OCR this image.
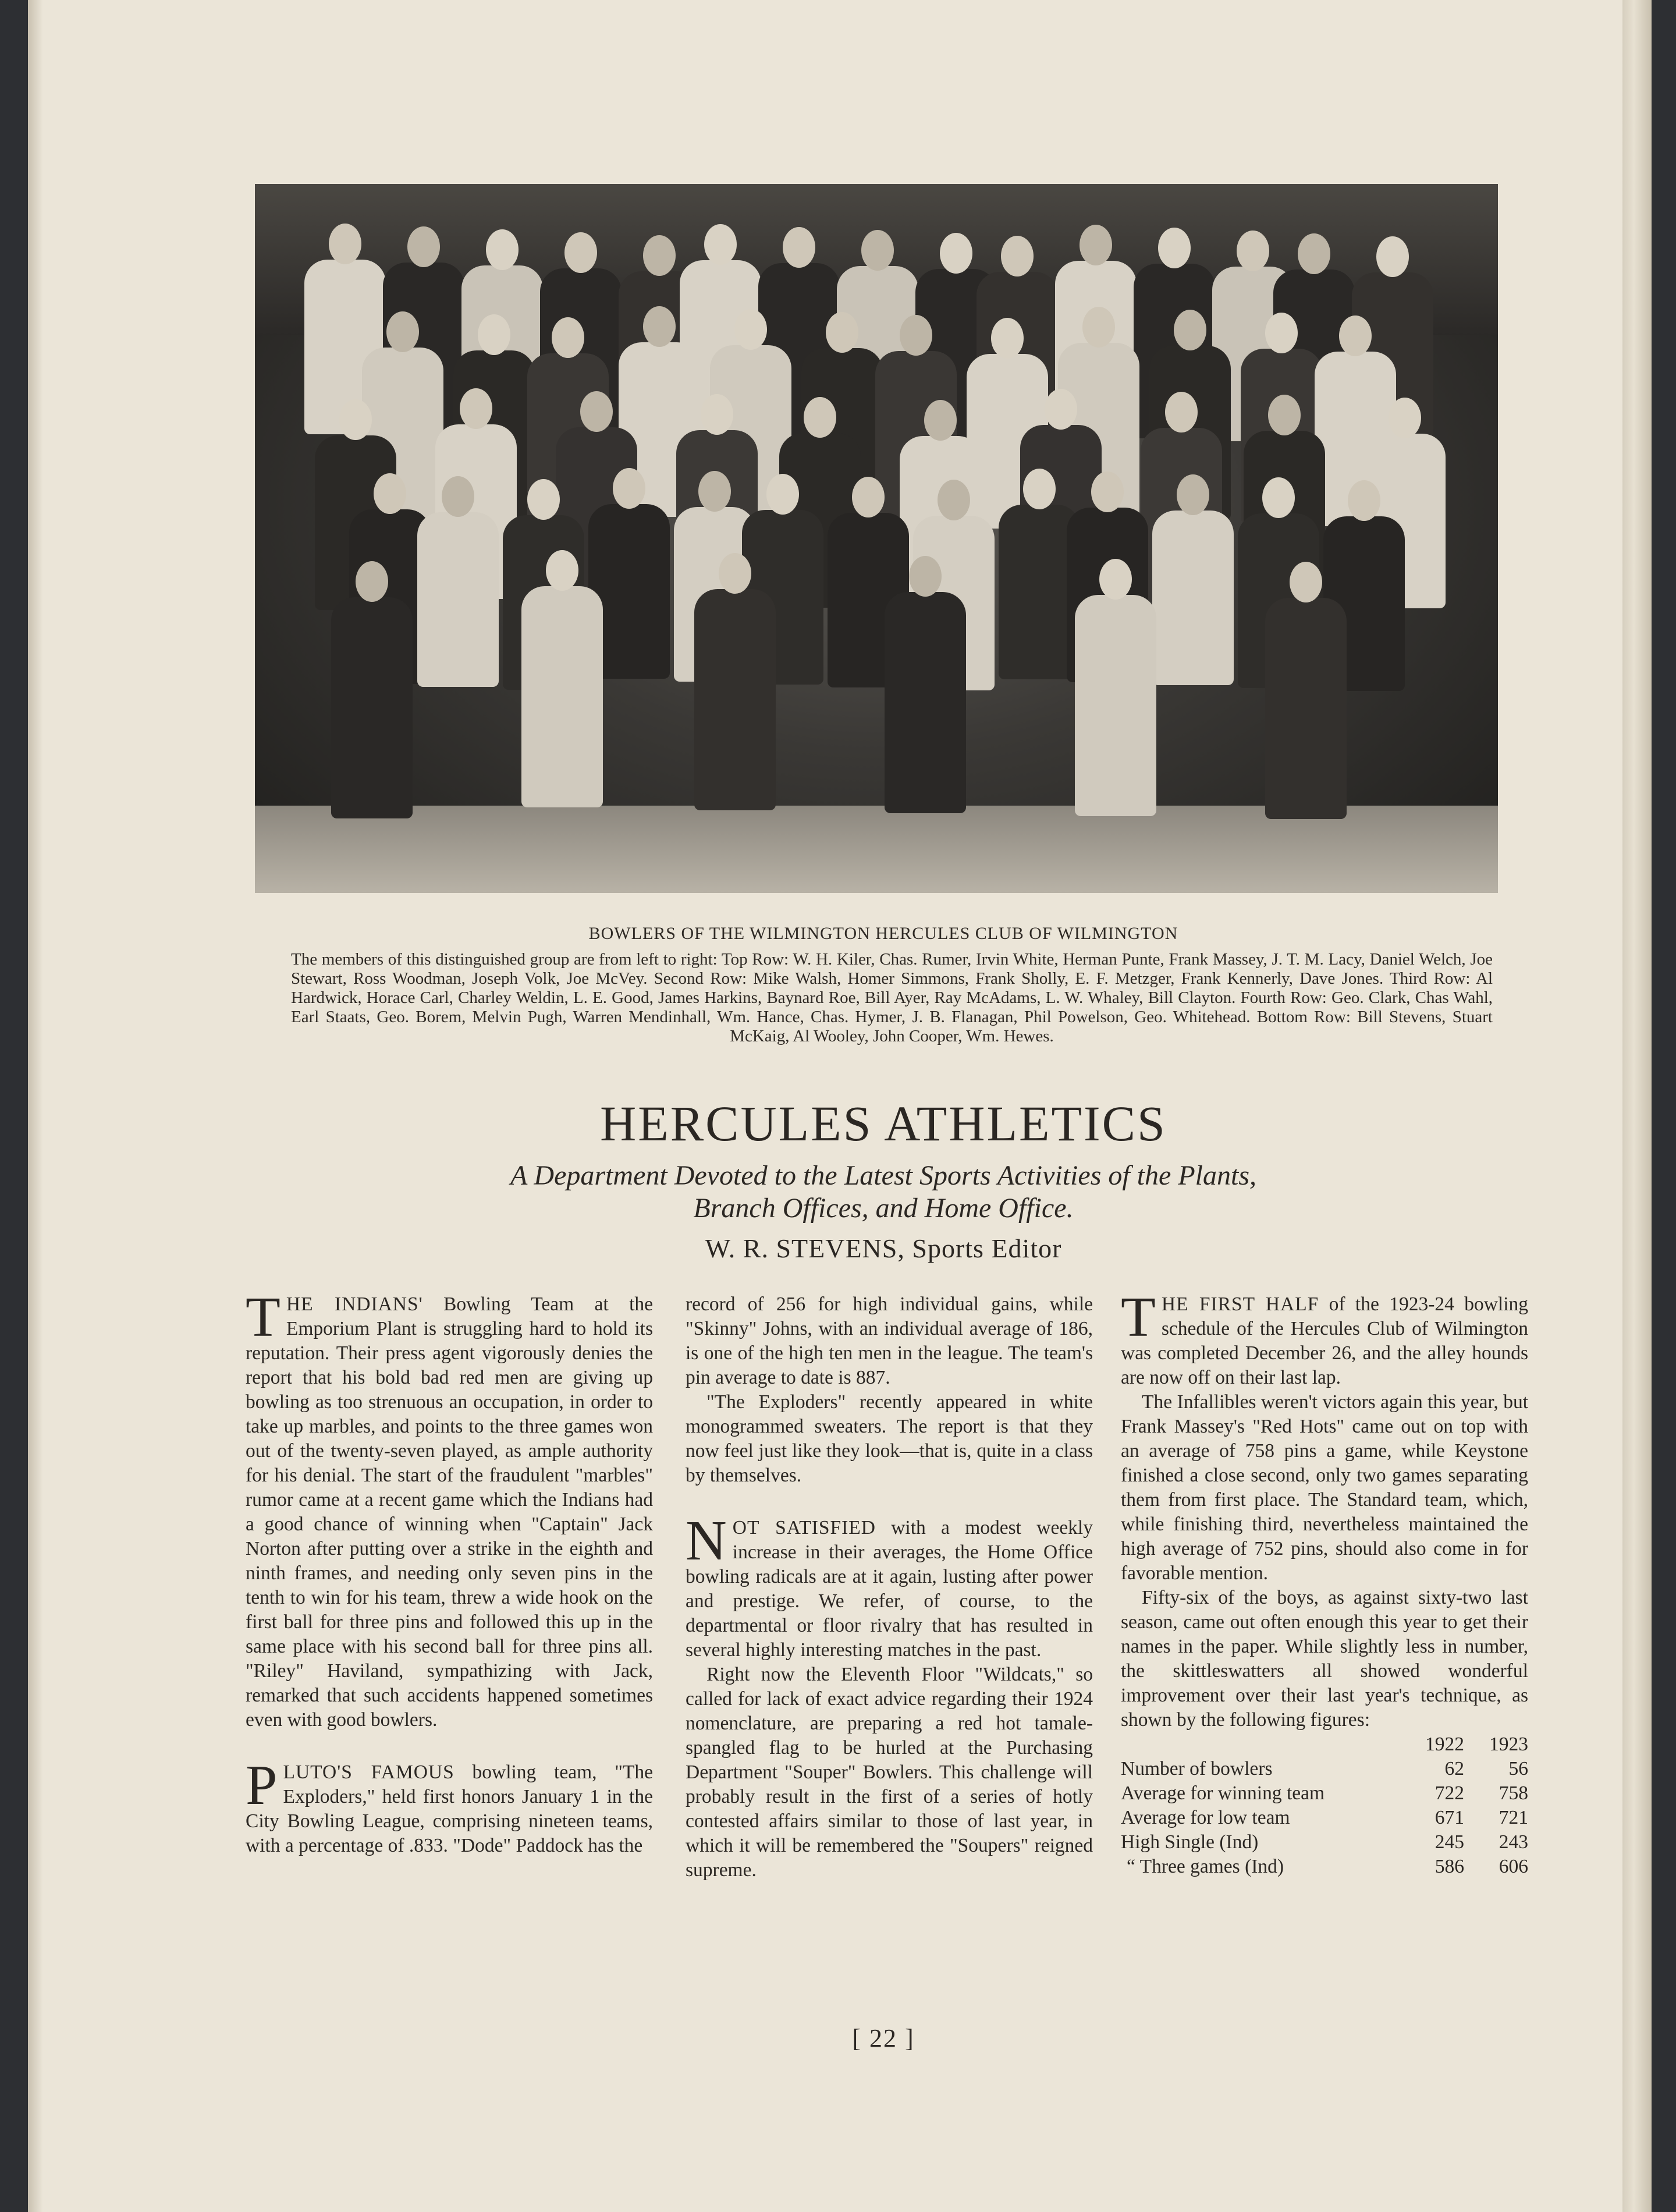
BOWLERS OF THE WILMINGTON HERCULES CLUB OF WILMINGTON
The members of this distinguished group are from left to right: Top Row: W. H. Kiler, Chas. Rumer, Irvin White, Herman Punte, Frank Massey, J. T. M. Lacy, Daniel Welch, Joe Stewart, Ross Woodman, Joseph Volk, Joe McVey. Second Row: Mike Walsh, Homer Simmons, Frank Sholly, E. F. Metzger, Frank Kennerly, Dave Jones. Third Row: Al Hardwick, Horace Carl, Charley Weldin, L. E. Good, James Harkins, Baynard Roe, Bill Ayer, Ray McAdams, L. W. Whaley, Bill Clayton. Fourth Row: Geo. Clark, Chas Wahl, Earl Staats, Geo. Borem, Melvin Pugh, Warren Mendinhall, Wm. Hance, Chas. Hymer, J. B. Flanagan, Phil Powelson, Geo. Whitehead. Bottom Row: Bill Stevens, Stuart McKaig, Al Wooley, John Cooper, Wm. Hewes.
HERCULES ATHLETICS
A Department Devoted to the Latest Sports Activities of the Plants,
Branch Offices, and Home Office.
W. R. STEVENS, Sports Editor

THE INDIANS' Bowling Team at the Emporium Plant is struggling hard to hold its reputation. Their press agent vigorously denies the report that his bold bad red men are giving up bowling as too strenuous an occupation, in order to take up marbles, and points to the three games won out of the twenty-seven played, as ample authority for his denial. The start of the fraudulent "marbles" rumor came at a recent game which the Indians had a good chance of winning when "Captain" Jack Norton after putting over a strike in the eighth and ninth frames, and needing only seven pins in the tenth to win for his team, threw a wide hook on the first ball for three pins and followed this up in the same place with his second ball for three pins all. "Riley" Haviland, sympathizing with Jack, remarked that such accidents happened sometimes even with good bowlers.

PLUTO'S FAMOUS bowling team, "The Exploders," held first honors January 1 in the City Bowling League, comprising nineteen teams, with a percentage of .833. "Dode" Paddock has the

record of 256 for high individual gains, while "Skinny" Johns, with an individual average of 186, is one of the high ten men in the league. The team's pin average to date is 887.

"The Exploders" recently appeared in white monogrammed sweaters. The report is that they now feel just like they look—that is, quite in a class by themselves.

NOT SATISFIED with a modest weekly increase in their averages, the Home Office bowling radicals are at it again, lusting after power and prestige. We refer, of course, to the departmental or floor rivalry that has resulted in several highly interesting matches in the past.

Right now the Eleventh Floor "Wildcats," so called for lack of exact advice regarding their 1924 nomenclature, are preparing a red hot tamale-spangled flag to be hurled at the Purchasing Department "Souper" Bowlers. This challenge will probably result in the first of a series of hotly contested affairs similar to those of last year, in which it will be remembered the "Soupers" reigned supreme.

THE FIRST HALF of the 1923-24 bowling schedule of the Hercules Club of Wilmington was completed December 26, and the alley hounds are now off on their last lap.

The Infallibles weren't victors again this year, but Frank Massey's "Red Hots" came out on top with an average of 758 pins a game, while Keystone finished a close second, only two games separating them from first place. The Standard team, which, while finishing third, nevertheless maintained the high average of 752 pins, should also come in for favorable mention.

Fifty-six of the boys, as against sixty-two last season, came out often enough this year to get their names in the paper. While slightly less in number, the skittleswatters all showed wonderful improvement over their last year's technique, as shown by the following figures:

	1922	1923
Number of bowlers	62	56
Average for winning team	722	758
Average for low team	671	721
High Single (Ind)	245	243
“ Three games (Ind)	586	606
[ 22 ]
